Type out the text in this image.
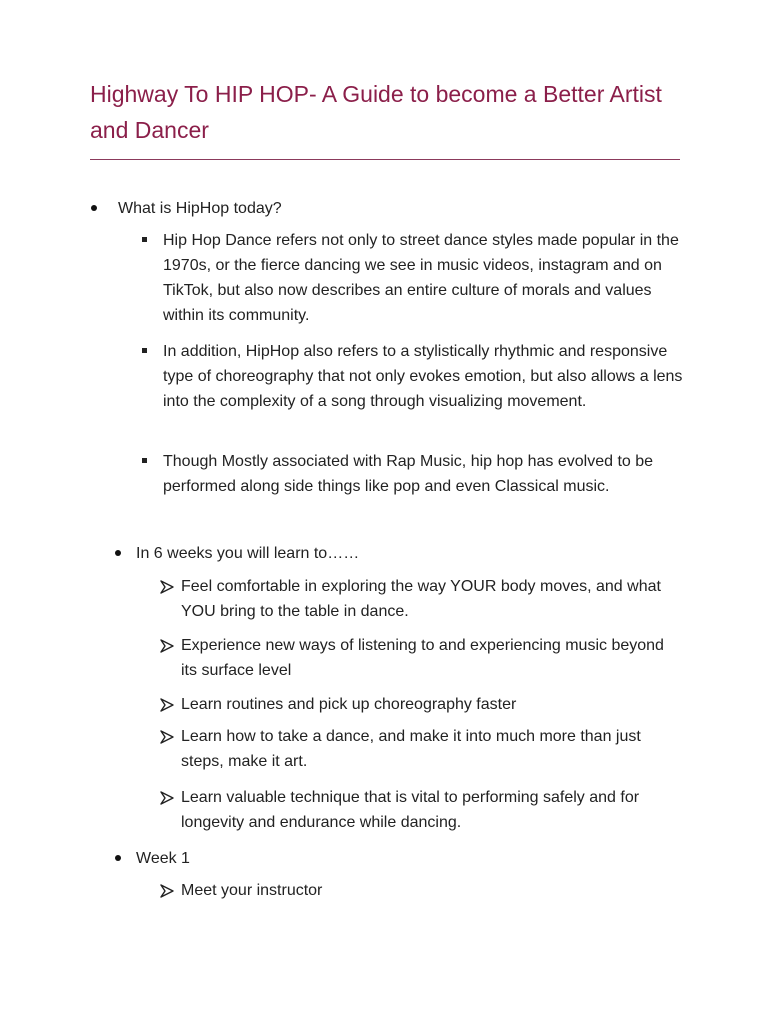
Highway To HIP HOP- A Guide to become a Better Artist and Dancer
What is HipHop today?
Hip Hop Dance refers not only to street dance styles made popular in the 1970s, or the fierce dancing we see in music videos, instagram and on TikTok, but also now describes an entire culture of morals and values within its community.
In addition, HipHop also refers to a stylistically rhythmic and responsive type of choreography that not only evokes emotion, but also allows a lens into the complexity of a song through visualizing movement.
Though Mostly associated with Rap Music, hip hop has evolved to be performed along side things like pop and even Classical music.
In 6 weeks you will learn to……
Feel comfortable in exploring the way YOUR body moves, and what YOU bring to the table in dance.
Experience new ways of listening to and experiencing music beyond its surface level
Learn routines and pick up choreography faster
Learn how to take a dance, and make it into much more than just steps, make it art.
Learn valuable technique that is vital to performing safely and for longevity and endurance while dancing.
Week 1
Meet your instructor
